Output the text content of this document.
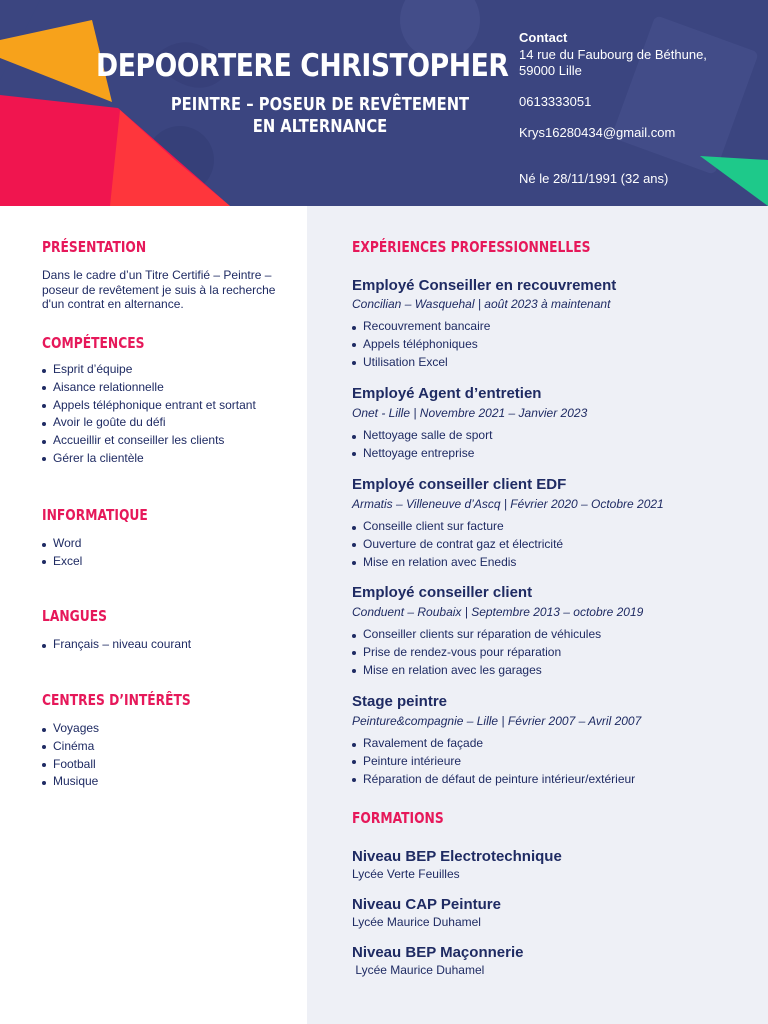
DEPOORTERE CHRISTOPHER
PEINTRE – POSEUR DE REVÊTEMENT
EN ALTERNANCE
Contact
14 rue du Faubourg de Béthune,
59000 Lille
0613333051
Krys16280434@gmail.com
Né le 28/11/1991 (32 ans)
PRÉSENTATION
Dans le cadre d’un Titre Certifié – Peintre – poseur de revêtement je suis à la recherche d'un contrat en alternance.
COMPÉTENCES
Esprit d’équipe
Aisance relationnelle
Appels téléphonique entrant et sortant
Avoir le goûte du défi
Accueillir et conseiller les clients
Gérer la clientèle
INFORMATIQUE
Word
Excel
LANGUES
Français – niveau courant
CENTRES D’INTÉRÊTS
Voyages
Cinéma
Football
Musique
EXPÉRIENCES PROFESSIONNELLES
Employé Conseiller en recouvrement
Concilian – Wasquehal | août 2023 à maintenant
Recouvrement bancaire
Appels téléphoniques
Utilisation Excel
Employé Agent d’entretien
Onet - Lille | Novembre 2021 – Janvier 2023
Nettoyage salle de sport
Nettoyage entreprise
Employé conseiller client EDF
Armatis – Villeneuve d’Ascq | Février 2020 – Octobre 2021
Conseille client sur facture
Ouverture de contrat gaz et électricité
Mise en relation avec Enedis
Employé conseiller client
Conduent – Roubaix | Septembre 2013 – octobre 2019
Conseiller clients sur réparation de véhicules
Prise de rendez-vous pour réparation
Mise en relation avec les garages
Stage peintre
Peinture&compagnie – Lille | Février 2007 – Avril 2007
Ravalement de façade
Peinture intérieure
Réparation de défaut de peinture intérieur/extérieur
FORMATIONS
Niveau BEP Electrotechnique
Lycée Verte Feuilles
Niveau CAP Peinture
Lycée Maurice Duhamel
Niveau BEP Maçonnerie
Lycée Maurice Duhamel
